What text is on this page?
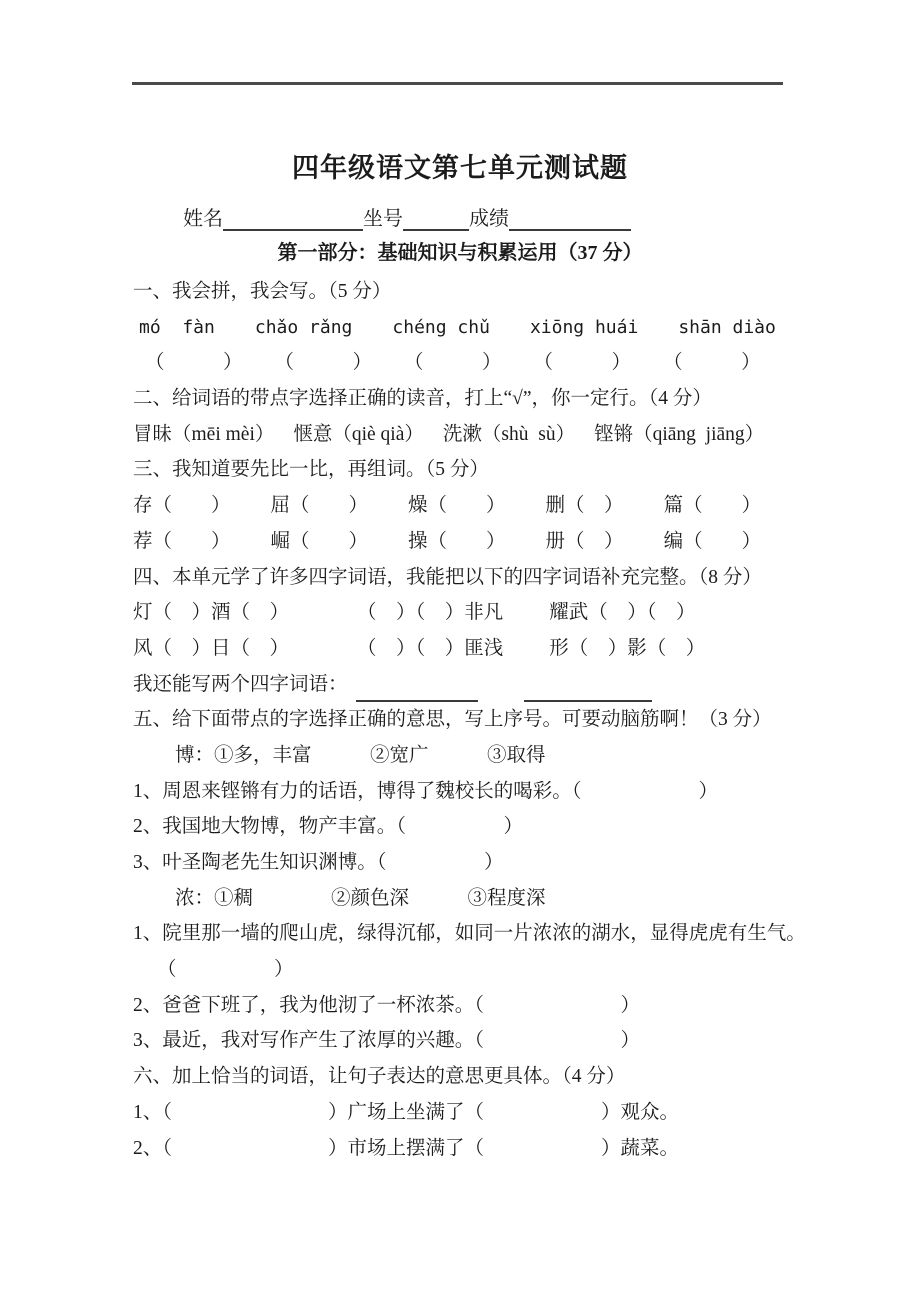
四年级语文第七单元测试题
姓名	坐号	成绩
第一部分：基础知识与积累运用（37 分）
一、我会拼，我会写。（5 分）
mó  fàn chǎo rǎng chéng chǔ xiōng huái shān diào
（　　　） （　　　） （　　　） （　　　） （　　　）
二、给词语的带点字选择正确的读音，打上“√”，你一定行。（4 分）
冒昧（mēi mèi） 惬意（qiè qià） 洗漱（shù  sù） 铿锵（qiāng  jiāng）
三、我知道要先比一比，再组词。（5 分）
存（　　） 屈（　　） 燥（　　） 删（　） 篇（　　）
荐（　　） 崛（　　） 操（　　） 册（　） 编（　　）
四、本单元学了许多四字词语，我能把以下的四字词语补充完整。（8 分）
灯（　）酒（　）	（　）（　）非凡 耀武（　）（　）
风（　）日（　）	（　）（　）匪浅 形（　）影（　）
我还能写两个四字词语：

五、给下面带点的字选择正确的意思，写上序号。可要动脑筋啊！（3 分）
博：①多，丰富　　　②宽广　　　③取得
1、周恩来铿锵有力的话语，博得了魏校长的喝彩。（　　　　　　）
2、我国地大物博，物产丰富。（　　　　　）
3、叶圣陶老先生知识渊博。（　　　　　）
浓：①稠　　　　②颜色深　　　③程度深
1、院里那一墙的爬山虎，绿得沉郁，如同一片浓浓的湖水，显得虎虎有生气。
（　　　　　）
2、爸爸下班了，我为他沏了一杯浓茶。（　　　　　　　）
3、最近，我对写作产生了浓厚的兴趣。（　　　　　　　）
六、加上恰当的词语，让句子表达的意思更具体。（4 分）
1、（　　　　　　　　）广场上坐满了（　　　　　　）观众。
2、（　　　　　　　　）市场上摆满了（　　　　　　）蔬菜。
